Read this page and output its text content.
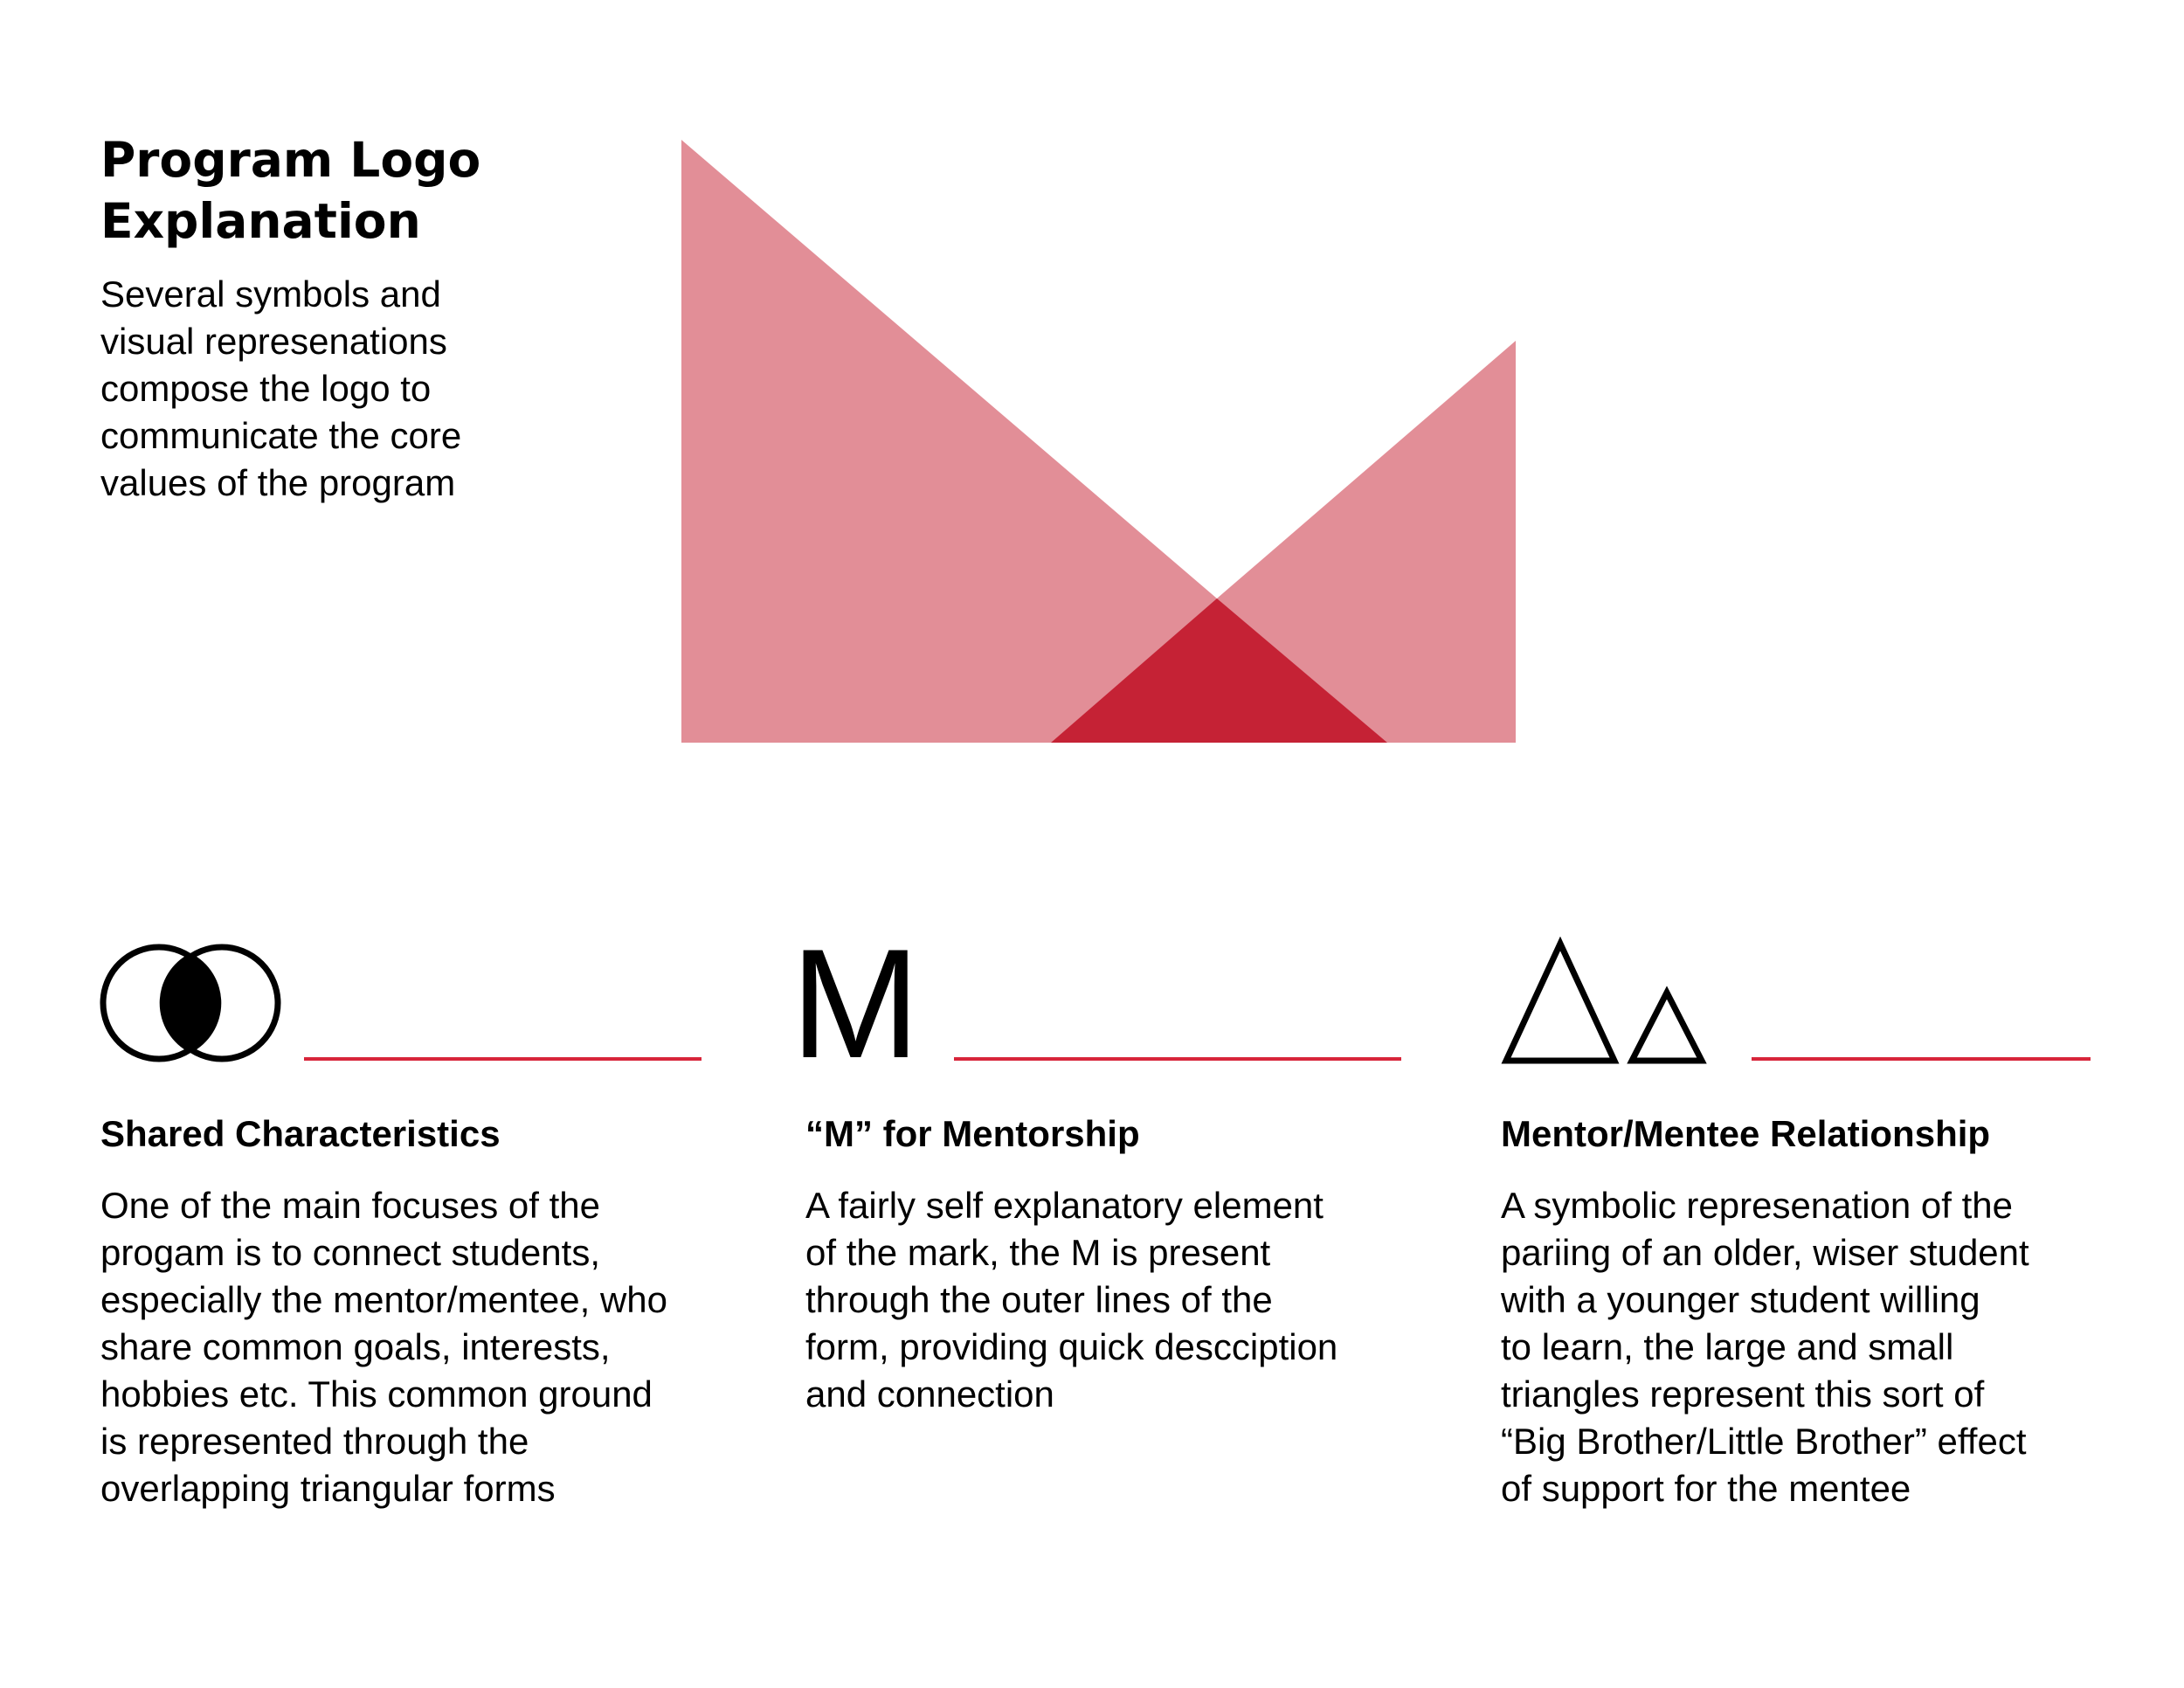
Program Logo
Explanation

Several symbols and
visual represenations
compose the logo to
communicate the core
values of the program

M
Shared Characteristics	“M” for Mentorship	Mentor/Mentee Relationship

One of the main focuses of the
progam is to connect students,
especially the mentor/mentee, who
share common goals, interests,
hobbies etc. This common ground
is represented through the
overlapping triangular forms

A fairly self explanatory element
of the mark, the M is present
through the outer lines of the
form, providing quick descciption
and connection

A symbolic represenation of the
pariing of an older, wiser student
with a younger student willing
to learn, the large and small
triangles represent this sort of
“Big Brother/Little Brother” effect
of support for the mentee
